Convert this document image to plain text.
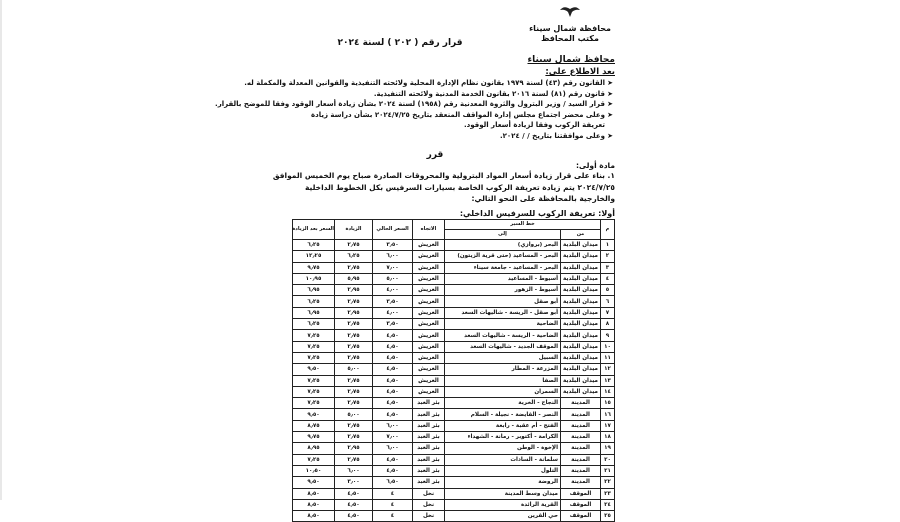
محافظة شمال سيناء
مكتب المحافظ
قرار رقم ( ٢٠٢ ) لسنة ٢٠٢٤
محافظ شمال سيناء
بعد الاطلاع على:
➤القانون رقم (٤٣) لسنة ١٩٧٩ بقانون نظام الإدارة المحلية ولائحته التنفيذية والقوانين المعدلة والمكملة له.
➤قانون رقم (٨١) لسنة ٢٠١٦ بقانون الخدمة المدنية ولائحته التنفيذية.
➤قرار السيد / وزير البترول والثروة المعدنية رقم (١٩٥٨) لسنة ٢٠٢٤ بشأن زيادة أسعار الوقود وفقا للموضح بالقرار.
➤وعلى محضر اجتماع مجلس إدارة المواقف المنعقد بتاريخ ٢٠٢٤/٧/٢٥ بشأن دراسة زيادة
تعريفة الركوب وفقا لزيادة أسعار الوقود.
➤وعلى موافقتنا بتاريخ / / ٢٠٢٤.
قرر
مادة أولى:
١. بناء على قرار زيادة أسعار المواد البترولية والمحروقات الصادرة صباح يوم الخميس الموافق
٢٠٢٤/٧/٢٥ يتم زيادة تعريفة الركوب الخاصة بسيارات السرفيس بكل الخطوط الداخلية
والخارجية بالمحافظة على النحو التالي:
أولا: تعريفة الركوب للسرفيس الداخلي:
م	خط السير		الاتجاه	السعر الحالي	الزيادة	السعر بعد الزيادة
	من	إلى				
١	ميدان البلدية	البحر (بروازي)	العريش	٣٫٥٠	٢٫٧٥	٦٫٢٥
٢	ميدان البلدية	البحر - المساعيد (حتى قرية الزيتون)	العريش	٦٫٠٠	٦٫٢٥	١٢٫٢٥
٣	ميدان البلدية	البحر - المساعيد - جامعة سيناء	العريش	٧٫٠٠	٢٫٧٥	٩٫٧٥
٤	ميدان البلدية	أسيوط - المساعيد	العريش	٥٫٠٠	٥٫٩٥	١٠٫٩٥
٥	ميدان البلدية	أسيوط - الزهور	العريش	٤٫٠٠	٢٫٩٥	٦٫٩٥
٦	ميدان البلدية	أبو صقل	العريش	٣٫٥٠	٢٫٧٥	٦٫٢٥
٧	ميدان البلدية	أبو صقل - الريسة - شاليهات السعد	العريش	٤٫٠٠	٢٫٩٥	٦٫٩٥
٨	ميدان البلدية	الضاحية	العريش	٣٫٥٠	٢٫٧٥	٦٫٢٥
٩	ميدان البلدية	الضاحية - الريسة - شاليهات السعد	العريش	٤٫٥٠	٢٫٧٥	٧٫٢٥
١٠	ميدان البلدية	الموقف الجديد - شاليهات السعد	العريش	٤٫٥٠	٢٫٧٥	٧٫٢٥
١١	ميدان البلدية	السبيل	العريش	٤٫٥٠	٢٫٧٥	٧٫٢٥
١٢	ميدان البلدية	المزرعة - المطار	العريش	٤٫٥٠	٥٫٠٠	٩٫٥٠
١٣	ميدان البلدية	الصفا	العريش	٤٫٥٠	٢٫٧٥	٧٫٢٥
١٤	ميدان البلدية	السمران	العريش	٤٫٥٠	٢٫٧٥	٧٫٢٥
١٥	المدينة	النجاح - الخربة	بئر العبد	٤٫٥٠	٢٫٧٥	٧٫٢٥
١٦	المدينة	النصر - القايضة - نجيلة - السلام	بئر العبد	٤٫٥٠	٥٫٠٠	٩٫٥٠
١٧	المدينة	الفتح - أم عقبة - رابعة	بئر العبد	٦٫٠٠	٢٫٧٥	٨٫٧٥
١٨	المدينة	الكرامة - أكتوبر - رمانة - الشهداء	بئر العبد	٧٫٠٠	٢٫٧٥	٩٫٧٥
١٩	المدينة	الإخوة - الوطن	بئر العبد	٦٫٠٠	٢٫٩٥	٨٫٩٥
٢٠	المدينة	سلمانة - السادات	بئر العبد	٤٫٥٠	٢٫٧٥	٧٫٢٥
٢١	المدينة	التلول	بئر العبد	٤٫٥٠	٦٫٠٠	١٠٫٥٠
٢٢	المدينة	الروضة	بئر العبد	٦٫٥٠	٣٫٠٠	٩٫٥٠
٢٣	الموقف	ميدان وسط المدينة	نخل	٤	٤٫٥٠	٨٫٥٠
٢٤	الموقف	القرية الرائدة	نخل	٤	٤٫٥٠	٨٫٥٠
٢٥	الموقف	حي القرين	نخل	٤	٤٫٥٠	٨٫٥٠
